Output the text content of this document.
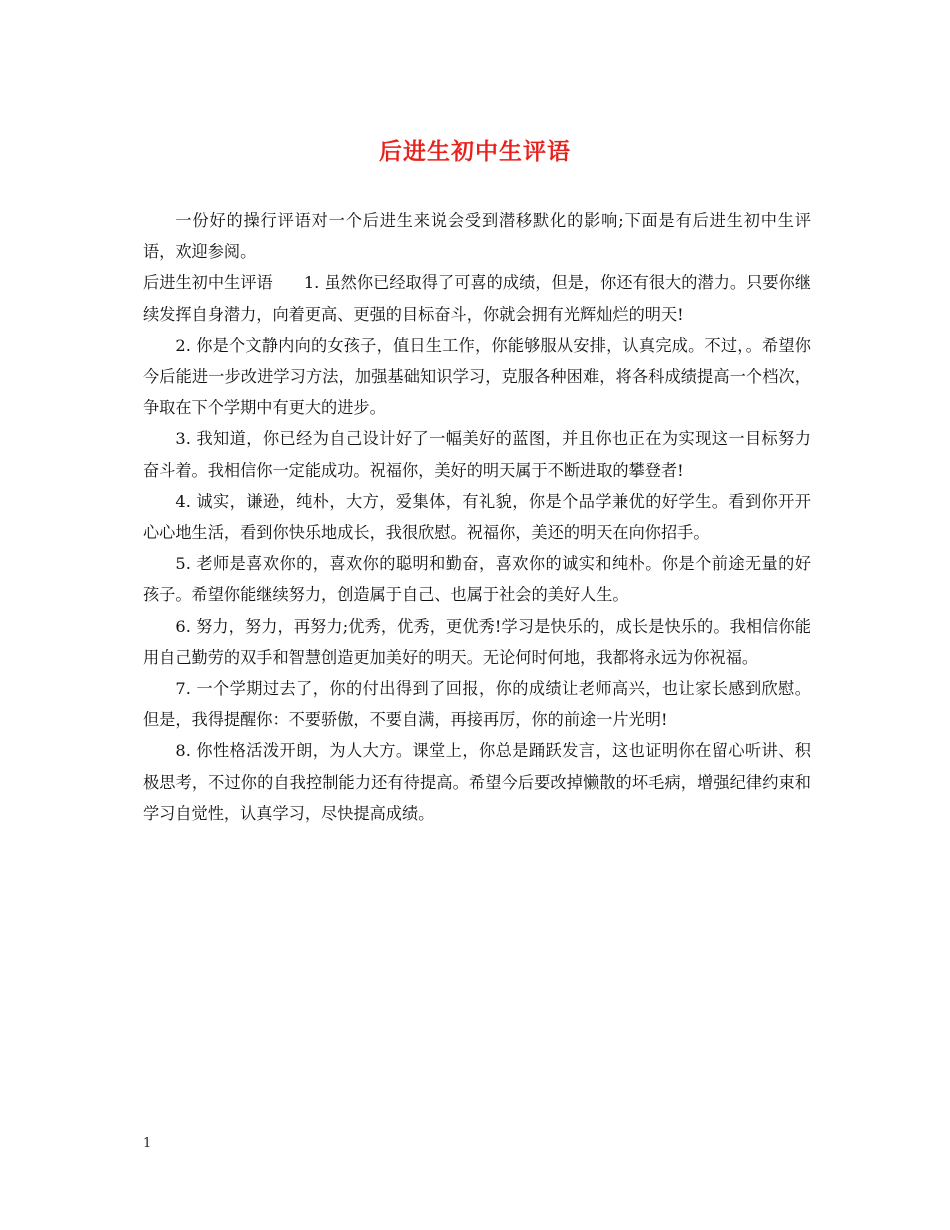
后进生初中生评语

一份好的操行评语对一个后进生来说会受到潜移默化的影响;下面是有后进生初中生评语，欢迎参阅。

后进生初中生评语      1. 虽然你已经取得了可喜的成绩，但是，你还有很大的潜力。只要你继续发挥自身潜力，向着更高、更强的目标奋斗，你就会拥有光辉灿烂的明天!

2. 你是个文静内向的女孩子，值日生工作，你能够服从安排，认真完成。不过，。希望你今后能进一步改进学习方法，加强基础知识学习，克服各种困难，将各科成绩提高一个档次，争取在下个学期中有更大的进步。

3. 我知道，你已经为自己设计好了一幅美好的蓝图，并且你也正在为实现这一目标努力奋斗着。我相信你一定能成功。祝福你，美好的明天属于不断进取的攀登者!

4. 诚实，谦逊，纯朴，大方，爱集体，有礼貌，你是个品学兼优的好学生。看到你开开心心地生活，看到你快乐地成长，我很欣慰。祝福你，美还的明天在向你招手。

5. 老师是喜欢你的，喜欢你的聪明和勤奋，喜欢你的诚实和纯朴。你是个前途无量的好孩子。希望你能继续努力，创造属于自己、也属于社会的美好人生。

6. 努力，努力，再努力;优秀，优秀，更优秀!学习是快乐的，成长是快乐的。我相信你能用自己勤劳的双手和智慧创造更加美好的明天。无论何时何地，我都将永远为你祝福。

7. 一个学期过去了，你的付出得到了回报，你的成绩让老师高兴，也让家长感到欣慰。但是，我得提醒你：不要骄傲，不要自满，再接再厉，你的前途一片光明!

8. 你性格活泼开朗，为人大方。课堂上，你总是踊跃发言，这也证明你在留心听讲、积极思考，不过你的自我控制能力还有待提高。希望今后要改掉懒散的坏毛病，增强纪律约束和学习自觉性，认真学习，尽快提高成绩。

1
